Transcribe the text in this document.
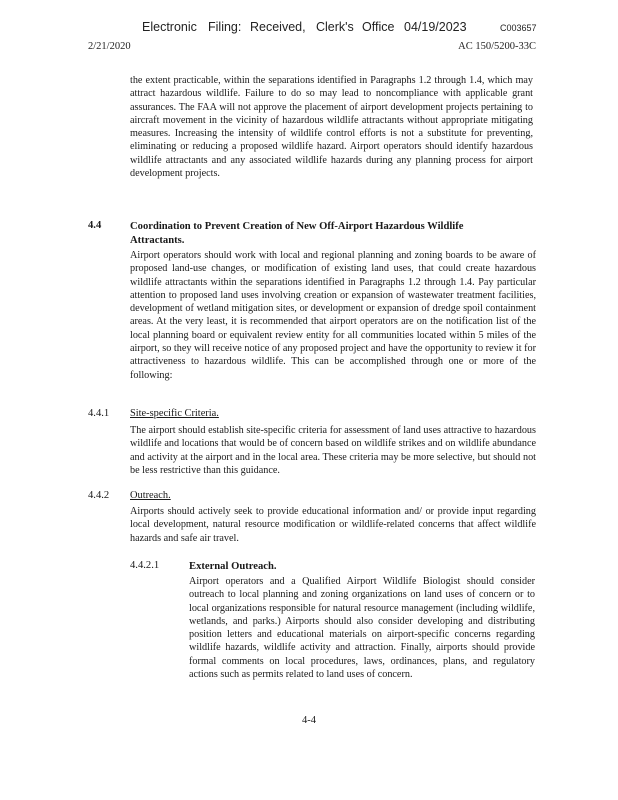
Electronic Filing: Received, Clerk's Office 04/19/2023	C003657
2/21/2020	AC 150/5200-33C

the extent practicable, within the separations identified in Paragraphs 1.2 through 1.4, which may attract hazardous wildlife. Failure to do so may lead to noncompliance with applicable grant assurances. The FAA will not approve the placement of airport development projects pertaining to aircraft movement in the vicinity of hazardous wildlife attractants without appropriate mitigating measures. Increasing the intensity of wildlife control efforts is not a substitute for preventing, eliminating or reducing a proposed wildlife hazard. Airport operators should identify hazardous wildlife attractants and any associated wildlife hazards during any planning process for airport development projects.

4.4	Coordination to Prevent Creation of New Off-Airport Hazardous Wildlife Attractants.

Airport operators should work with local and regional planning and zoning boards to be aware of proposed land-use changes, or modification of existing land uses, that could create hazardous wildlife attractants within the separations identified in Paragraphs 1.2 through 1.4. Pay particular attention to proposed land uses involving creation or expansion of wastewater treatment facilities, development of wetland mitigation sites, or development or expansion of dredge spoil containment areas. At the very least, it is recommended that airport operators are on the notification list of the local planning board or equivalent review entity for all communities located within 5 miles of the airport, so they will receive notice of any proposed project and have the opportunity to review it for attractiveness to hazardous wildlife. This can be accomplished through one or more of the following:

4.4.1 Site-specific Criteria.

The airport should establish site-specific criteria for assessment of land uses attractive to hazardous wildlife and locations that would be of concern based on wildlife strikes and on wildlife abundance and activity at the airport and in the local area. These criteria may be more selective, but should not be less restrictive than this guidance.

4.4.2 Outreach.

Airports should actively seek to provide educational information and/ or provide input regarding local development, natural resource modification or wildlife-related concerns that affect wildlife hazards and safe air travel.

4.4.2.1	External Outreach.

Airport operators and a Qualified Airport Wildlife Biologist should consider outreach to local planning and zoning organizations on land uses of concern or to local organizations responsible for natural resource management (including wildlife, wetlands, and parks.) Airports should also consider developing and distributing position letters and educational materials on airport-specific concerns regarding wildlife hazards, wildlife activity and attraction. Finally, airports should provide formal comments on local procedures, laws, ordinances, plans, and regulatory actions such as permits related to land uses of concern.

4-4
